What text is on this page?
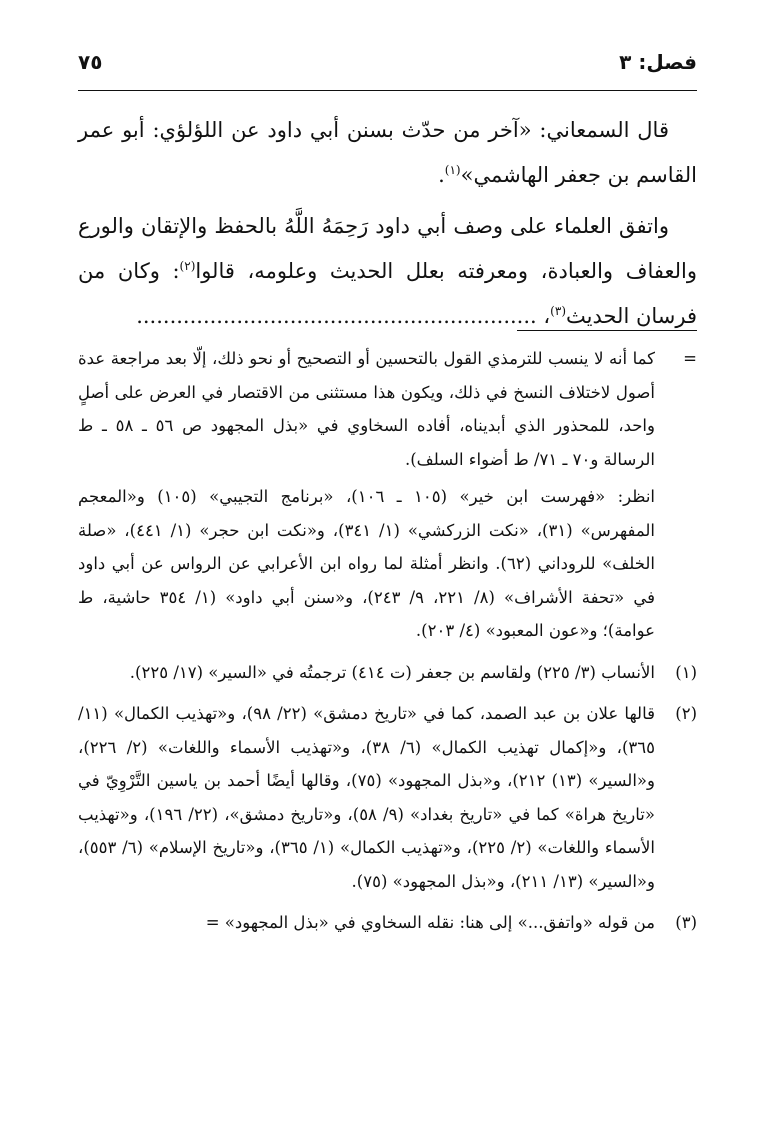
فصل: ٣
٧٥

قال السمعاني: «آخر من حدّث بسنن أبي داود عن اللؤلؤي: أبو عمر القاسم بن جعفر الهاشمي»$^{(١)}$.

واتفق العلماء على وصف أبي داود رَحِمَهُ اللَّهُ بالحفظ والإتقان والورع والعفاف والعبادة، ومعرفته بعلل الحديث وعلومه، قالوا$^{(٢)}$: وكان من فرسان الحديث$^{(٣)}$، ............................................................

=

كما أنه لا ينسب للترمذي القول بالتحسين أو التصحيح أو نحو ذلك، إلّا بعد مراجعة عدة أصول لاختلاف النسخ في ذلك، ويكون هذا مستثنى من الاقتصار في العرض على أصلٍ واحد، للمحذور الذي أبديناه، أفاده السخاوي في «بذل المجهود ص ٥٦ ـ ٥٨ ـ ط الرسالة و٧٠ ـ ٧١/ ط أضواء السلف).

انظر: «فهرست ابن خير» (١٠٥ ـ ١٠٦)، «برنامج التجيبي» (١٠٥) و«المعجم المفهرس» (٣١)، «نكت الزركشي» (١/ ٣٤١)، و«نكت ابن حجر» (١/ ٤٤١)، «صلة الخلف» للروداني (٦٢). وانظر أمثلة لما رواه ابن الأعرابي عن الرواس عن أبي داود في «تحفة الأشراف» (٨/ ٢٢١، ٩/ ٢٤٣)، و«سنن أبي داود» (١/ ٣٥٤ حاشية، ط عوامة)؛ و«عون المعبود» (٤/ ٢٠٣).

(١)

الأنساب (٣/ ٢٢٥) ولقاسم بن جعفر (ت ٤١٤) ترجمتُه في «السير» (١٧/ ٢٢٥).

(٢)

قالها علان بن عبد الصمد، كما في «تاريخ دمشق» (٢٢/ ٩٨)، و«تهذيب الكمال» (١١/ ٣٦٥)، و«إكمال تهذيب الكمال» (٦/ ٣٨)، و«تهذيب الأسماء واللغات» (٢/ ٢٢٦)، و«السير» (١٣) ٢١٢)، و«بذل المجهود» (٧٥)، وقالها أيضًا أحمد بن ياسين التَّرْوِيّ في «تاريخ هراة» كما في «تاريخ بغداد» (٩/ ٥٨)، و«تاريخ دمشق»، (٢٢/ ١٩٦)، و«تهذيب الأسماء واللغات» (٢/ ٢٢٥)، و«تهذيب الكمال» (١/ ٣٦٥)، و«تاريخ الإسلام» (٦/ ٥٥٣)، و«السير» (١٣/ ٢١١)، و«بذل المجهود» (٧٥).

(٣)

من قوله «واتفق...» إلى هنا: نقله السخاوي في «بذل المجهود» =
